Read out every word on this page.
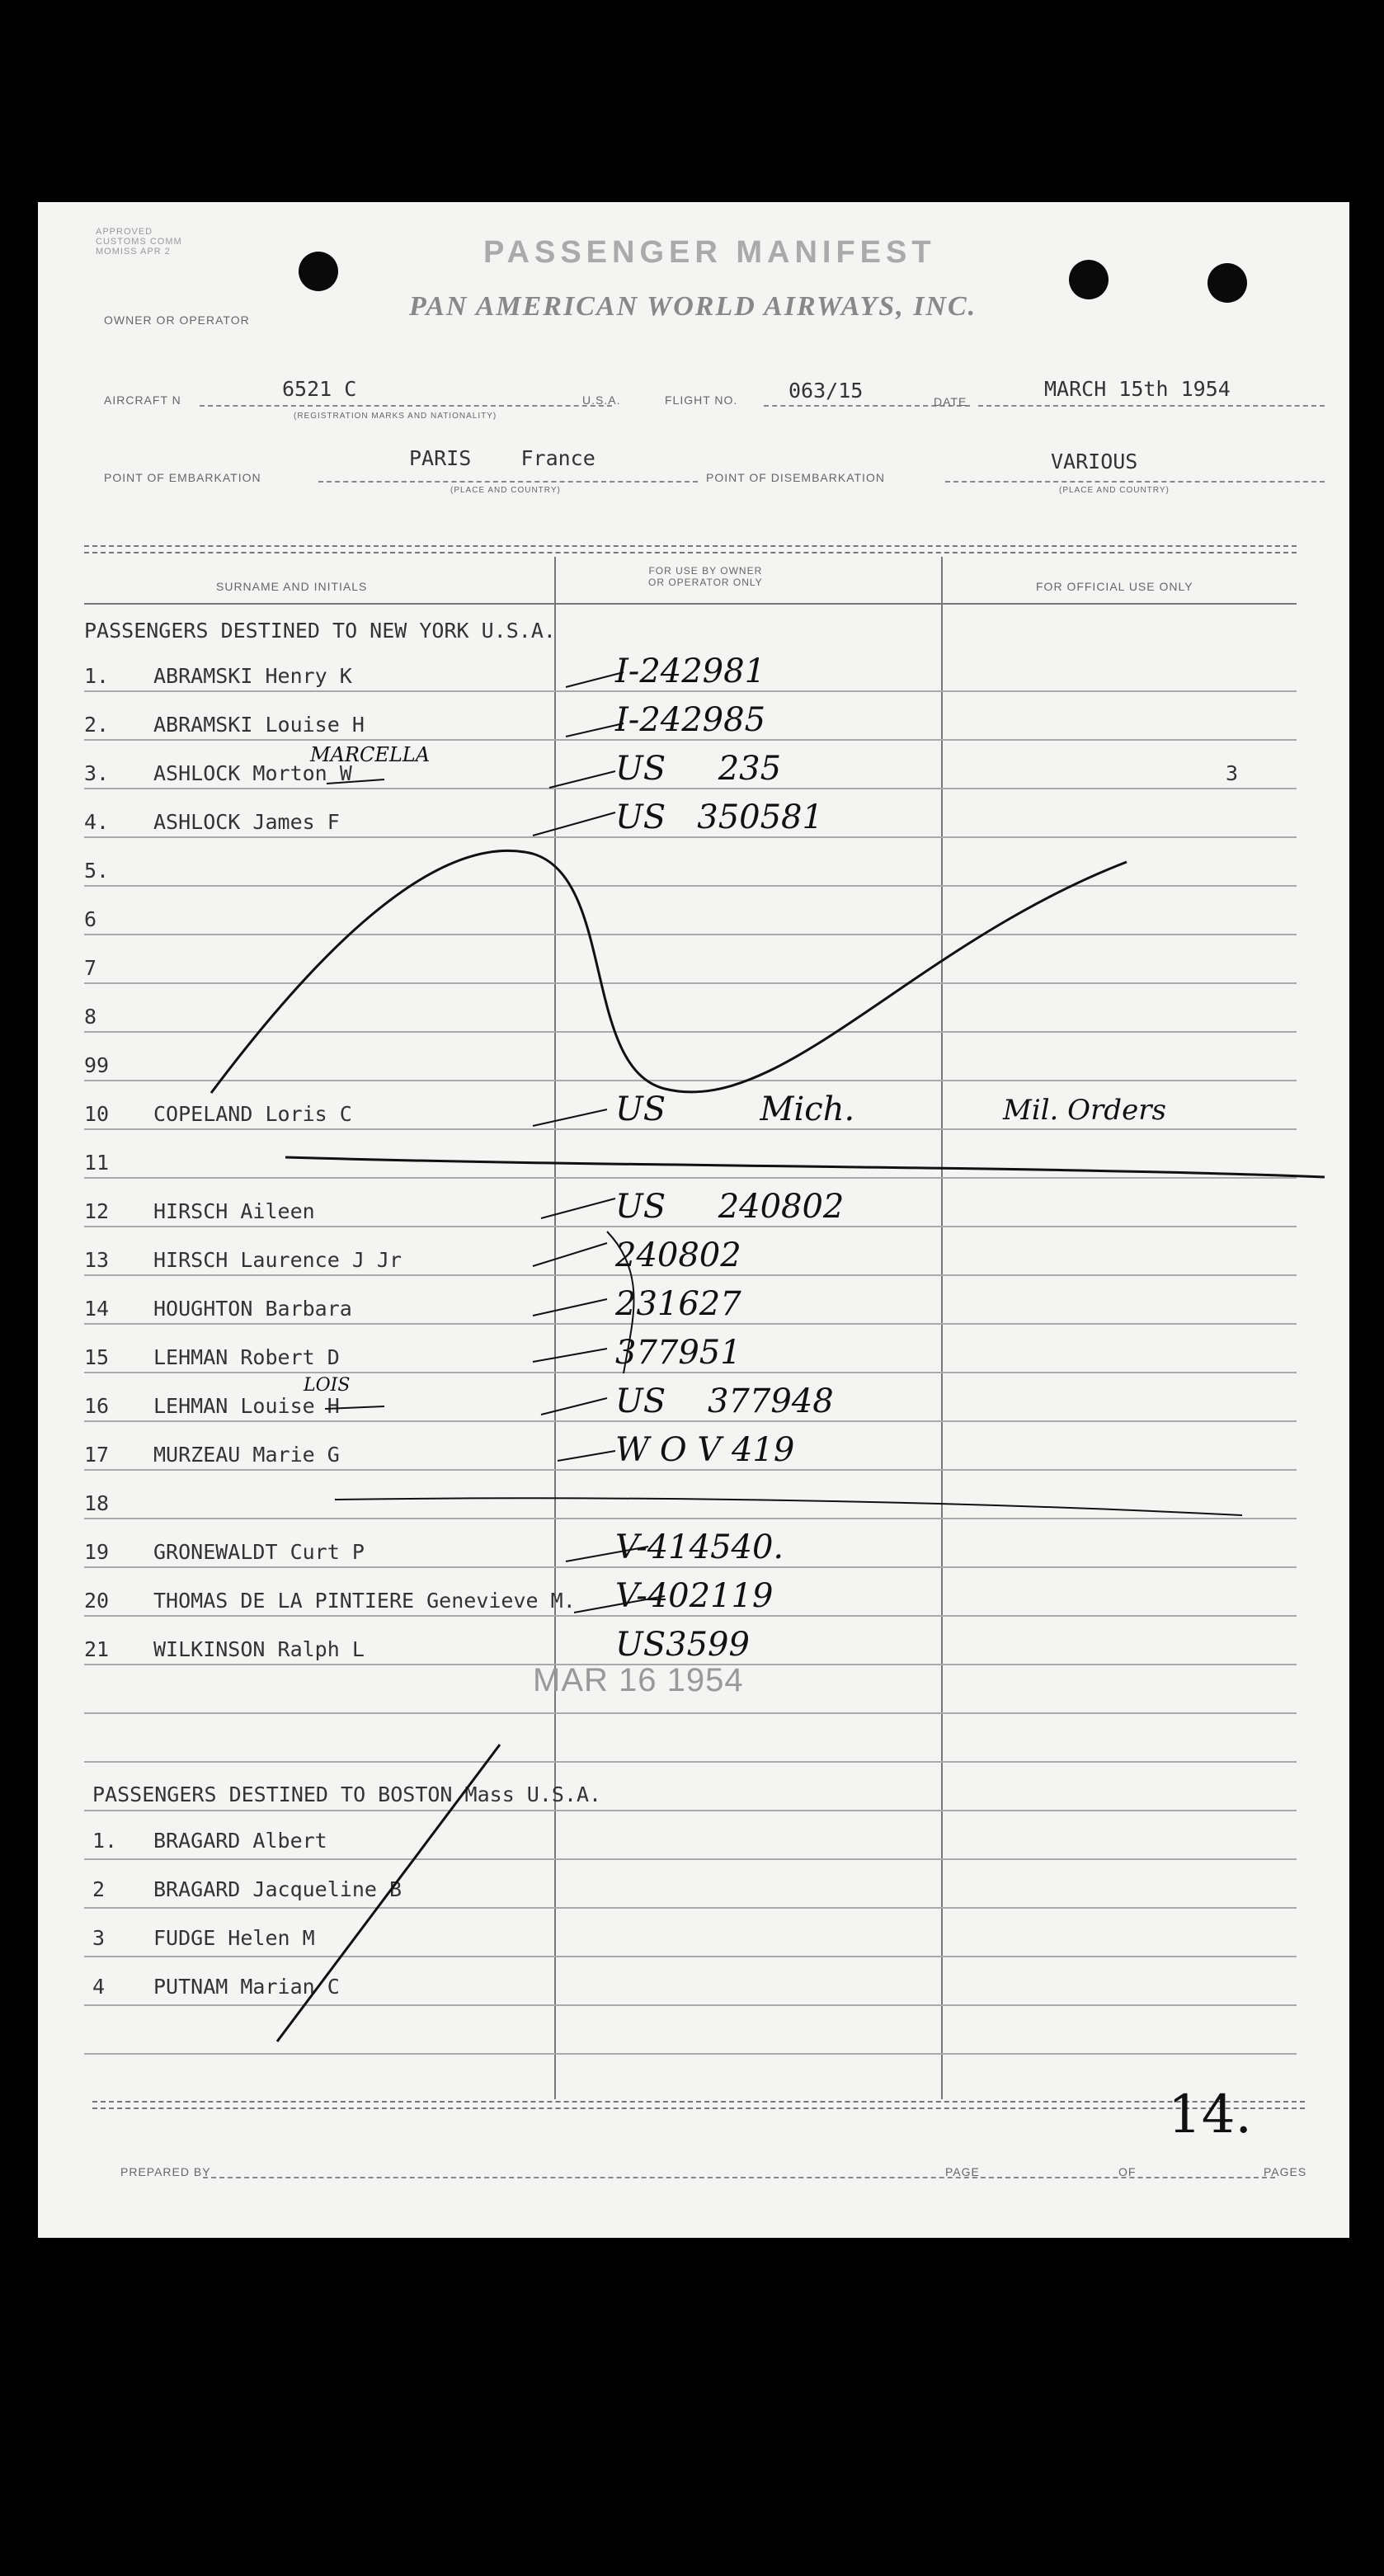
APPROVED
CUSTOMS COMM
MOMISS APR 2	PASSENGER MANIFEST
PAN AMERICAN WORLD AIRWAYS, INC.
OWNER OR OPERATOR
AIRCRAFT N	6521 C
(REGISTRATION MARKS AND NATIONALITY)
U.S.A.	FLIGHT NO. 063/15	DATE
MARCH 15th 1954
POINT OF EMBARKATION
PARIS    France
(PLACE AND COUNTRY)
POINT OF DISEMBARKATION
VARIOUS
(PLACE AND COUNTRY)
SURNAME AND INITIALS
FOR USE BY OWNER
OR OPERATOR ONLY	FOR OFFICIAL USE ONLY
PASSENGERS DESTINED TO NEW YORK U.S.A.
1. ABRAMSKI Henry K	I-242981
2. ABRAMSKI Louise H	I-242985
3. ASHLOCK Morton W	US     235	3
4. ASHLOCK James F	US   350581
5.
6
7
8
99
10 COPELAND Loris C	US         Mich.	Mil. Orders
11
12 HIRSCH Aileen	US     240802
13 HIRSCH Laurence J Jr	240802
14 HOUGHTON Barbara	231627
15 LEHMAN Robert D	377951
16 LEHMAN Louise H	US    377948
17 MURZEAU Marie G	W O V 419
18
19 GRONEWALDT Curt P	V-414540.
20 THOMAS DE LA PINTIERE Genevieve M. V-402119
21 WILKINSON Ralph L	US3599
MAR 16 1954
PASSENGERS DESTINED TO BOSTON Mass U.S.A.
1. BRAGARD Albert
2 BRAGARD Jacqueline B
3 FUDGE Helen M
4 PUTNAM Marian C
MARCELLA
LOIS
14.
PREPARED BY	PAGE	OF	PAGES
